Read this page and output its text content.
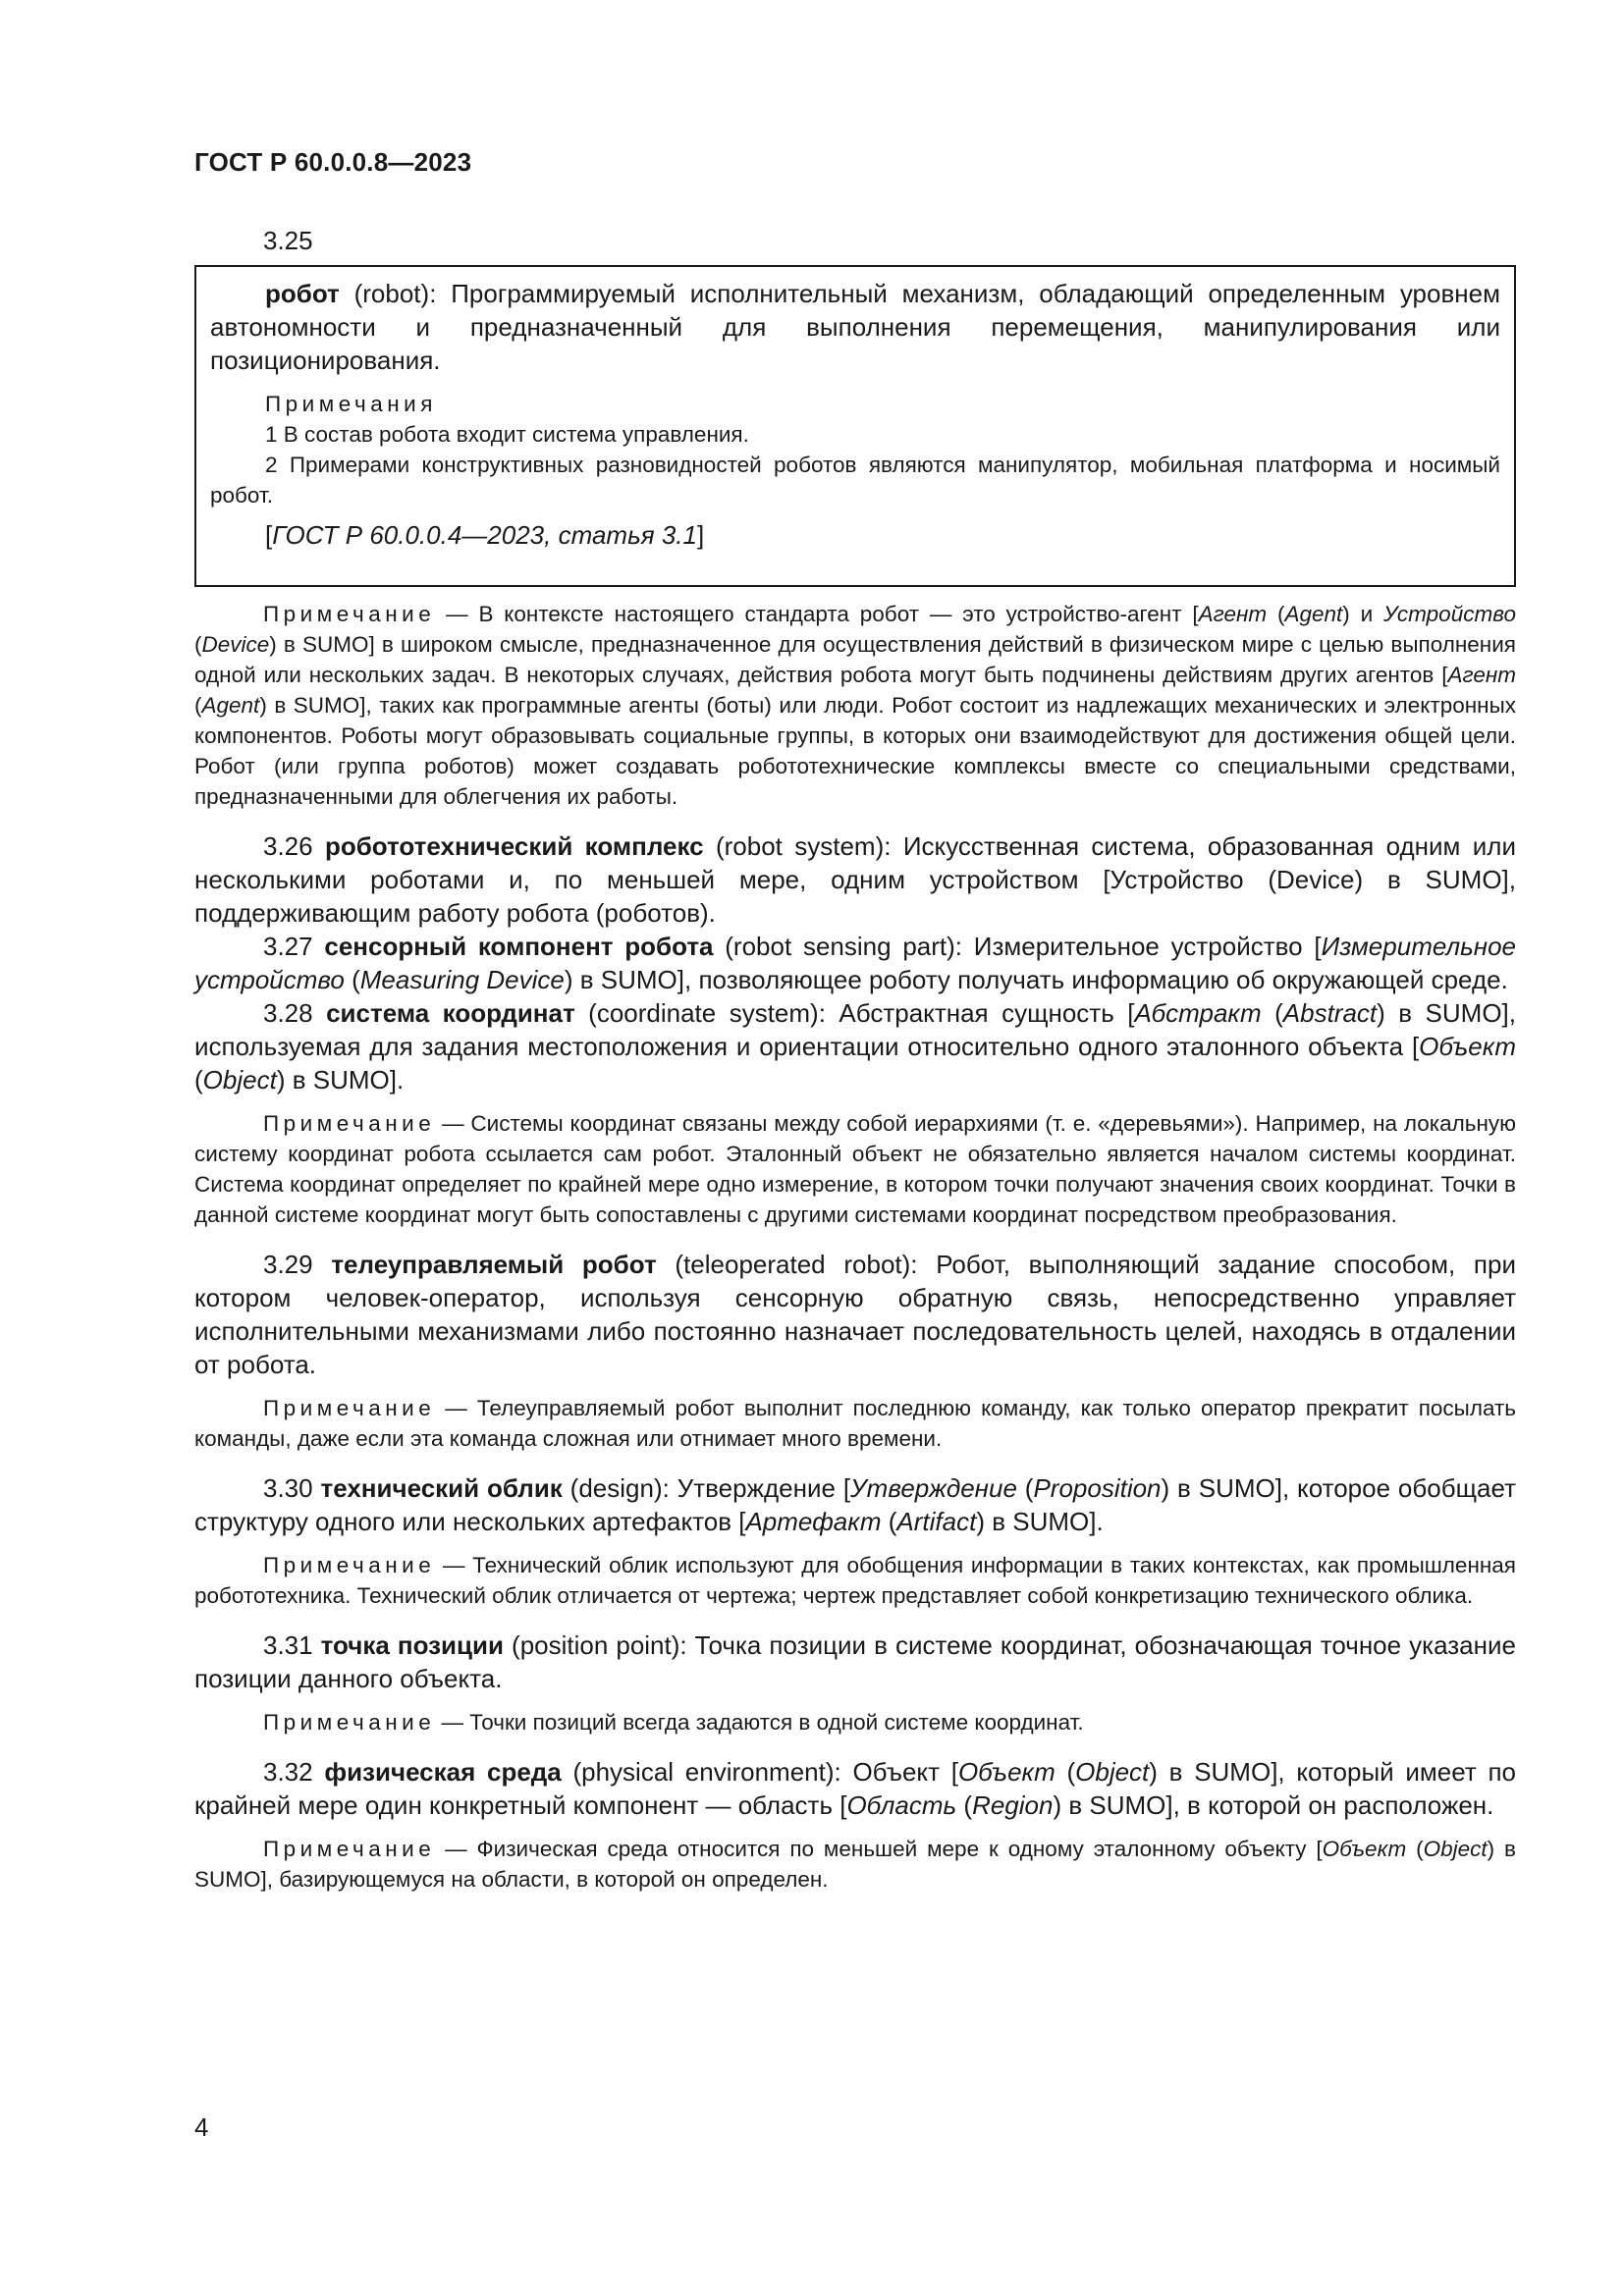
ГОСТ Р 60.0.0.8—2023
3.25

робот (robot): Программируемый исполнительный механизм, обладающий определенным уровнем автономности и предназначенный для выполнения перемещения, манипулирования или позиционирования.

Примечания

1 В состав робота входит система управления.

2 Примерами конструктивных разновидностей роботов являются манипулятор, мобильная платформа и носимый робот.

[ГОСТ Р 60.0.0.4—2023, статья 3.1]

Примечание — В контексте настоящего стандарта робот — это устройство-агент [Агент (Agent) и Устройство (Device) в SUMO] в широком смысле, предназначенное для осуществления действий в физическом мире с целью выполнения одной или нескольких задач. В некоторых случаях, действия робота могут быть подчинены действиям других агентов [Агент (Agent) в SUMO], таких как программные агенты (боты) или люди. Робот состоит из надлежащих механических и электронных компонентов. Роботы могут образовывать социальные группы, в которых они взаимодействуют для достижения общей цели. Робот (или группа роботов) может создавать робототехнические комплексы вместе со специальными средствами, предназначенными для облегчения их работы.

3.26 робототехнический комплекс (robot system): Искусственная система, образованная одним или несколькими роботами и, по меньшей мере, одним устройством [Устройство (Device) в SUMO], поддерживающим работу робота (роботов).

3.27 сенсорный компонент робота (robot sensing part): Измерительное устройство [Измерительное устройство (Measuring Device) в SUMO], позволяющее роботу получать информацию об окружающей среде.

3.28 система координат (coordinate system): Абстрактная сущность [Абстракт (Abstract) в SUMO], используемая для задания местоположения и ориентации относительно одного эталонного объекта [Объект (Object) в SUMO].

Примечание — Системы координат связаны между собой иерархиями (т. е. «деревьями»). Например, на локальную систему координат робота ссылается сам робот. Эталонный объект не обязательно является началом системы координат. Система координат определяет по крайней мере одно измерение, в котором точки получают значения своих координат. Точки в данной системе координат могут быть сопоставлены с другими системами координат посредством преобразования.

3.29 телеуправляемый робот (teleoperated robot): Робот, выполняющий задание способом, при котором человек-оператор, используя сенсорную обратную связь, непосредственно управляет исполнительными механизмами либо постоянно назначает последовательность целей, находясь в отдалении от робота.

Примечание — Телеуправляемый робот выполнит последнюю команду, как только оператор прекратит посылать команды, даже если эта команда сложная или отнимает много времени.

3.30 технический облик (design): Утверждение [Утверждение (Proposition) в SUMO], которое обобщает структуру одного или нескольких артефактов [Артефакт (Artifact) в SUMO].

Примечание — Технический облик используют для обобщения информации в таких контекстах, как промышленная робототехника. Технический облик отличается от чертежа; чертеж представляет собой конкретизацию технического облика.

3.31 точка позиции (position point): Точка позиции в системе координат, обозначающая точное указание позиции данного объекта.

Примечание — Точки позиций всегда задаются в одной системе координат.

3.32 физическая среда (physical environment): Объект [Объект (Object) в SUMO], который имеет по крайней мере один конкретный компонент — область [Область (Region) в SUMO], в которой он расположен.

Примечание — Физическая среда относится по меньшей мере к одному эталонному объекту [Объект (Object) в SUMO], базирующемуся на области, в которой он определен.

4
